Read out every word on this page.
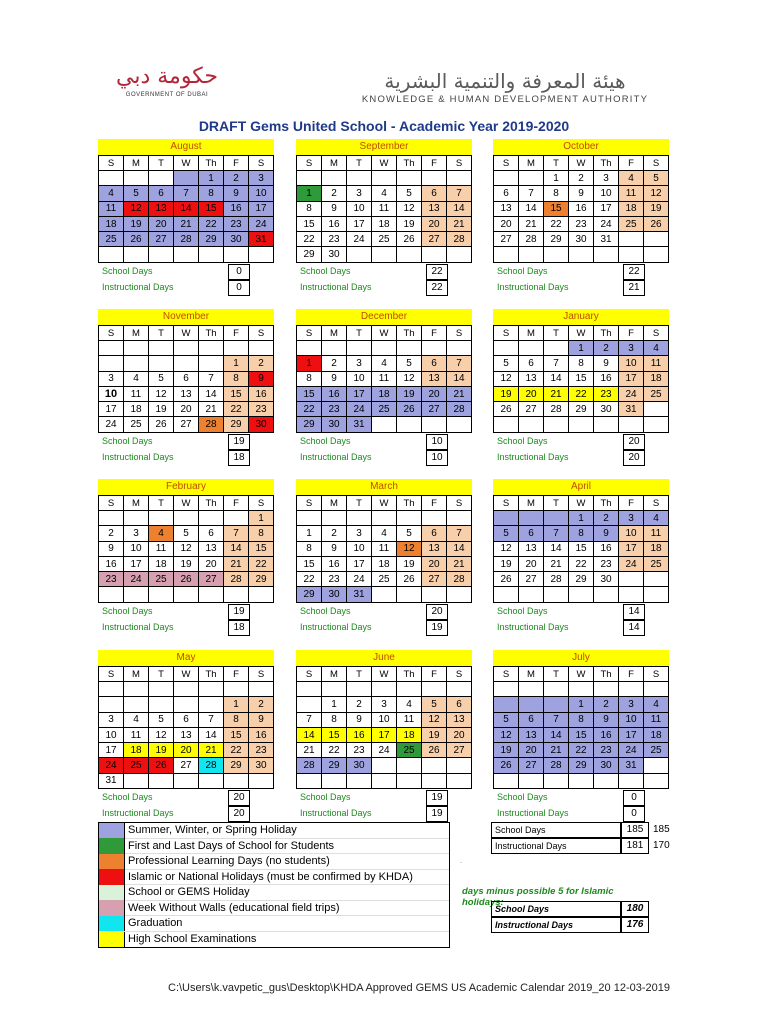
حكومة دبي
GOVERNMENT OF DUBAI
هيئة المعرفة والتنمية البشرية
KNOWLEDGE & HUMAN DEVELOPMENT AUTHORITY
DRAFT Gems United School - Academic Year 2019-2020
August
S	M	T	W	Th	F	S
				1	2	3
4	5	6	7	8	9	10
11	12	13	14	15	16	17
18	19	20	21	22	23	24
25	26	27	28	29	30	31

School Days	0
Instructional Days	0
September
S	M	T	W	Th	F	S

1	2	3	4	5	6	7
8	9	10	11	12	13	14
15	16	17	18	19	20	21
22	23	24	25	26	27	28
29	30					
School Days	22
Instructional Days	22
October
S	M	T	W	Th	F	S
		1	2	3	4	5
6	7	8	9	10	11	12
13	14	15	16	17	18	19
20	21	22	23	24	25	26
27	28	29	30	31		

School Days	22
Instructional Days	21
November
S	M	T	W	Th	F	S

					1	2
3	4	5	6	7	8	9
10	11	12	13	14	15	16
17	18	19	20	21	22	23
24	25	26	27	28	29	30
School Days	19
Instructional Days	18
December
S	M	T	W	Th	F	S

1	2	3	4	5	6	7
8	9	10	11	12	13	14
15	16	17	18	19	20	21
22	23	24	25	26	27	28
29	30	31				
School Days	10
Instructional Days	10
January
S	M	T	W	Th	F	S
			1	2	3	4
5	6	7	8	9	10	11
12	13	14	15	16	17	18
19	20	21	22	23	24	25
26	27	28	29	30	31	

School Days	20
Instructional Days	20
February
S	M	T	W	Th	F	S
						1
2	3	4	5	6	7	8
9	10	11	12	13	14	15
16	17	18	19	20	21	22
23	24	25	26	27	28	29

School Days	19
Instructional Days	18
March
S	M	T	W	Th	F	S

1	2	3	4	5	6	7
8	9	10	11	12	13	14
15	16	17	18	19	20	21
22	23	24	25	26	27	28
29	30	31				
School Days	20
Instructional Days	19
April
S	M	T	W	Th	F	S
			1	2	3	4
5	6	7	8	9	10	11
12	13	14	15	16	17	18
19	20	21	22	23	24	25
26	27	28	29	30		

School Days	14
Instructional Days	14
May
S	M	T	W	Th	F	S

					1	2
3	4	5	6	7	8	9
10	11	12	13	14	15	16
17	18	19	20	21	22	23
24	25	26	27	28	29	30
31						
School Days	20
Instructional Days	20
June
S	M	T	W	Th	F	S

	1	2	3	4	5	6
7	8	9	10	11	12	13
14	15	16	17	18	19	20
21	22	23	24	25	26	27
28	29	30				

School Days	19
Instructional Days	19
July
S	M	T	W	Th	F	S

			1	2	3	4
5	6	7	8	9	10	11
12	13	14	15	16	17	18
19	20	21	22	23	24	25
26	27	28	29	30	31	

School Days	0
Instructional Days	0
Summer, Winter, or Spring Holiday
First and Last Days of School for Students
Professional Learning Days (no students)
Islamic or National Holidays (must be confirmed by KHDA)
School or GEMS Holiday
Week Without Walls (educational field trips)
Graduation
High School Examinations
School Days	185 185
Instructional Days	181 170
.
days minus possible 5 for Islamic holidays:
School Days	180
Instructional Days	176
C:\Users\k.vavpetic_gus\Desktop\KHDA Approved GEMS US Academic Calendar 2019_20 12-03-2019
